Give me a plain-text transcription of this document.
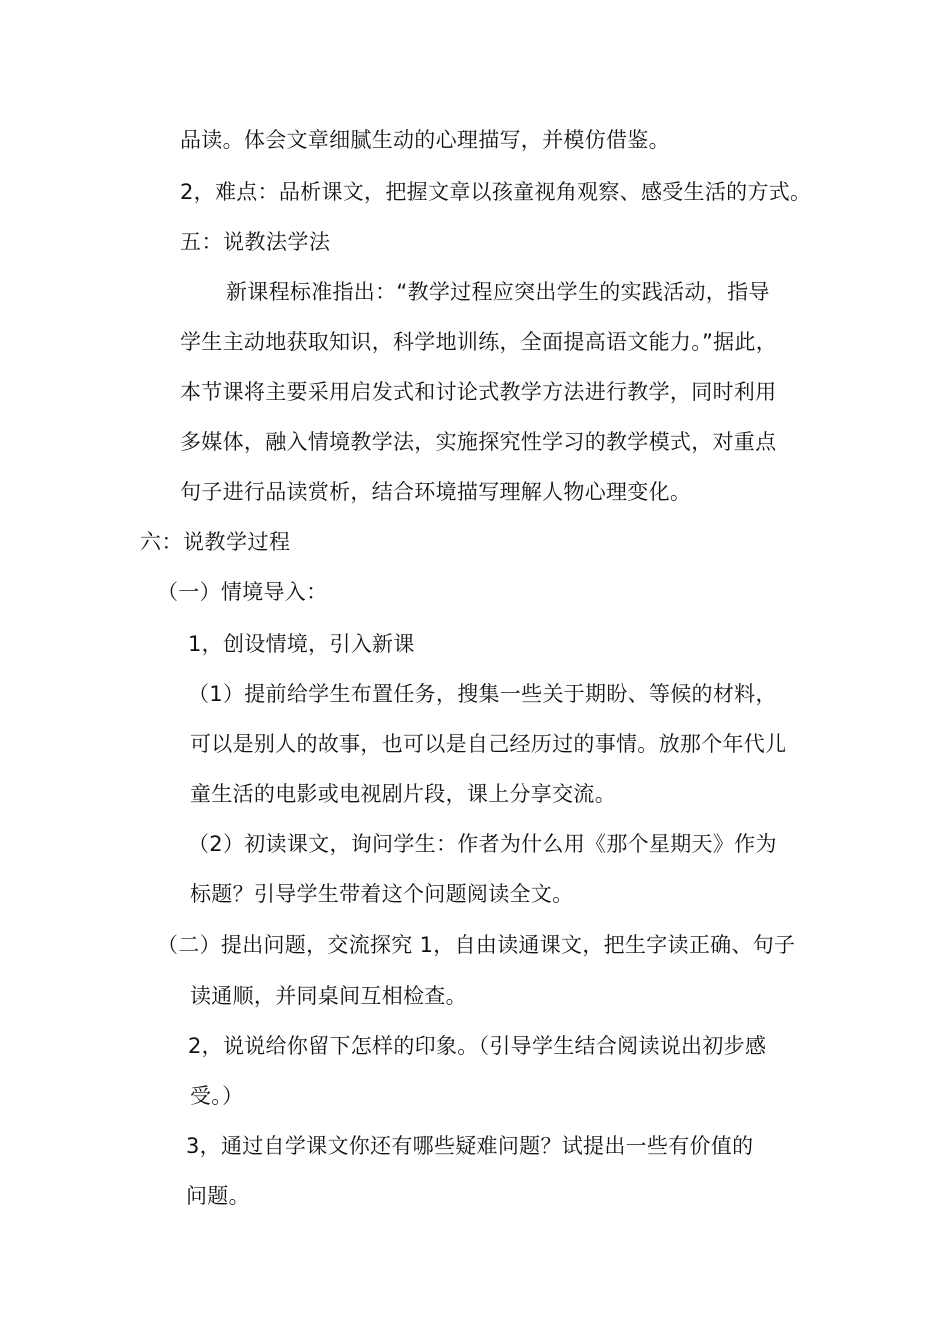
品读。体会文章细腻生动的心理描写，并模仿借鉴。
2，难点：品析课文，把握文章以孩童视角观察、感受生活的方式。
五：说教法学法
新课程标准指出：“教学过程应突出学生的实践活动，指导
学生主动地获取知识，科学地训练，全面提高语文能力。”据此，
本节课将主要采用启发式和讨论式教学方法进行教学，同时利用
多媒体，融入情境教学法，实施探究性学习的教学模式，对重点
句子进行品读赏析，结合环境描写理解人物心理变化。
六：说教学过程
（一）情境导入：
1，创设情境，引入新课
（1）提前给学生布置任务，搜集一些关于期盼、等候的材料，
可以是别人的故事，也可以是自己经历过的事情。放那个年代儿
童生活的电影或电视剧片段，课上分享交流。
（2）初读课文，询问学生：作者为什么用《那个星期天》作为
标题？引导学生带着这个问题阅读全文。
（二）提出问题，交流探究 1，自由读通课文，把生字读正确、句子
读通顺，并同桌间互相检查。
2，说说给你留下怎样的印象。（引导学生结合阅读说出初步感
受。）
3，通过自学课文你还有哪些疑难问题？试提出一些有价值的
问题。
